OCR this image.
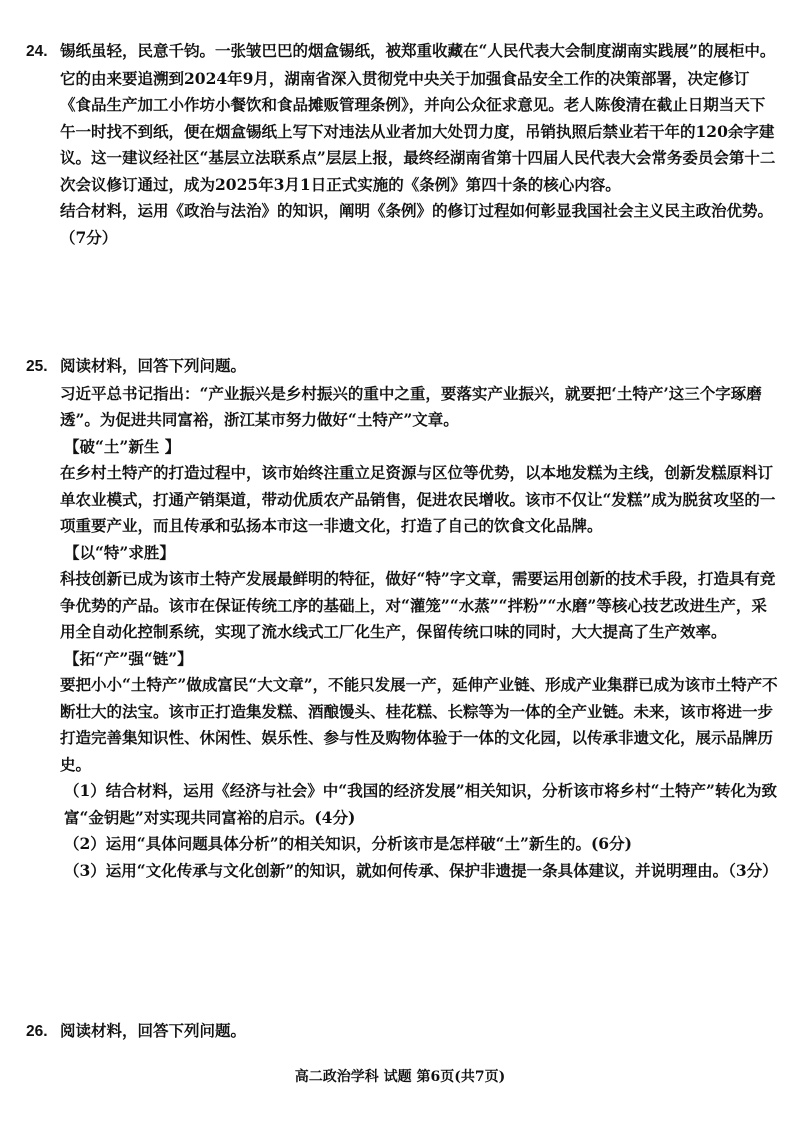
24. 锡纸虽轻，民意千钧。一张皱巴巴的烟盒锡纸，被郑重收藏在“人民代表大会制度湖南实践展”的展柜中。它的由来要追溯到2024年9月，湖南省深入贯彻党中央关于加强食品安全工作的决策部署，决定修订《食品生产加工小作坊小餐饮和食品摊贩管理条例》，并向公众征求意见。老人陈俊清在截止日期当天下午一时找不到纸，便在烟盒锡纸上写下对违法从业者加大处罚力度，吊销执照后禁业若干年的120余字建议。这一建议经社区“基层立法联系点”层层上报，最终经湖南省第十四届人民代表大会常务委员会第十二次会议修订通过，成为2025年3月1日正式实施的《条例》第四十条的核心内容。

结合材料，运用《政治与法治》的知识，阐明《条例》的修订过程如何彰显我国社会主义民主政治优势。（7分）

25. 阅读材料，回答下列问题。

习近平总书记指出：“产业振兴是乡村振兴的重中之重，要落实产业振兴，就要把‘土特产’这三个字琢磨透”。为促进共同富裕，浙江某市努力做好“土特产”文章。

【破“土”新生 】

在乡村土特产的打造过程中，该市始终注重立足资源与区位等优势，以本地发糕为主线，创新发糕原料订单农业模式，打通产销渠道，带动优质农产品销售，促进农民增收。该市不仅让“发糕”成为脱贫攻坚的一项重要产业，而且传承和弘扬本市这一非遗文化，打造了自己的饮食文化品牌。

【以“特”求胜】

科技创新已成为该市土特产发展最鲜明的特征，做好“特”字文章，需要运用创新的技术手段，打造具有竞争优势的产品。该市在保证传统工序的基础上，对“灌笼”“水蒸”“拌粉”“水磨”等核心技艺改进生产，采用全自动化控制系统，实现了流水线式工厂化生产，保留传统口味的同时，大大提高了生产效率。

【拓“产”强“链”】

要把小小“土特产”做成富民“大文章”，不能只发展一产，延伸产业链、形成产业集群已成为该市土特产不断壮大的法宝。该市正打造集发糕、酒酿馒头、桂花糕、长粽等为一体的全产业链。未来，该市将进一步打造完善集知识性、休闲性、娱乐性、参与性及购物体验于一体的文化园，以传承非遗文化，展示品牌历史。

（1）结合材料，运用《经济与社会》中“我国的经济发展”相关知识，分析该市将乡村“土特产”转化为致富“金钥匙”对实现共同富裕的启示。(4分)

（2）运用“具体问题具体分析”的相关知识，分析该市是怎样破“土”新生的。(6分)

（3）运用“文化传承与文化创新”的知识，就如何传承、保护非遗提一条具体建议，并说明理由。（3分）

26. 阅读材料，回答下列问题。

高二政治学科 试题 第6页(共7页)
